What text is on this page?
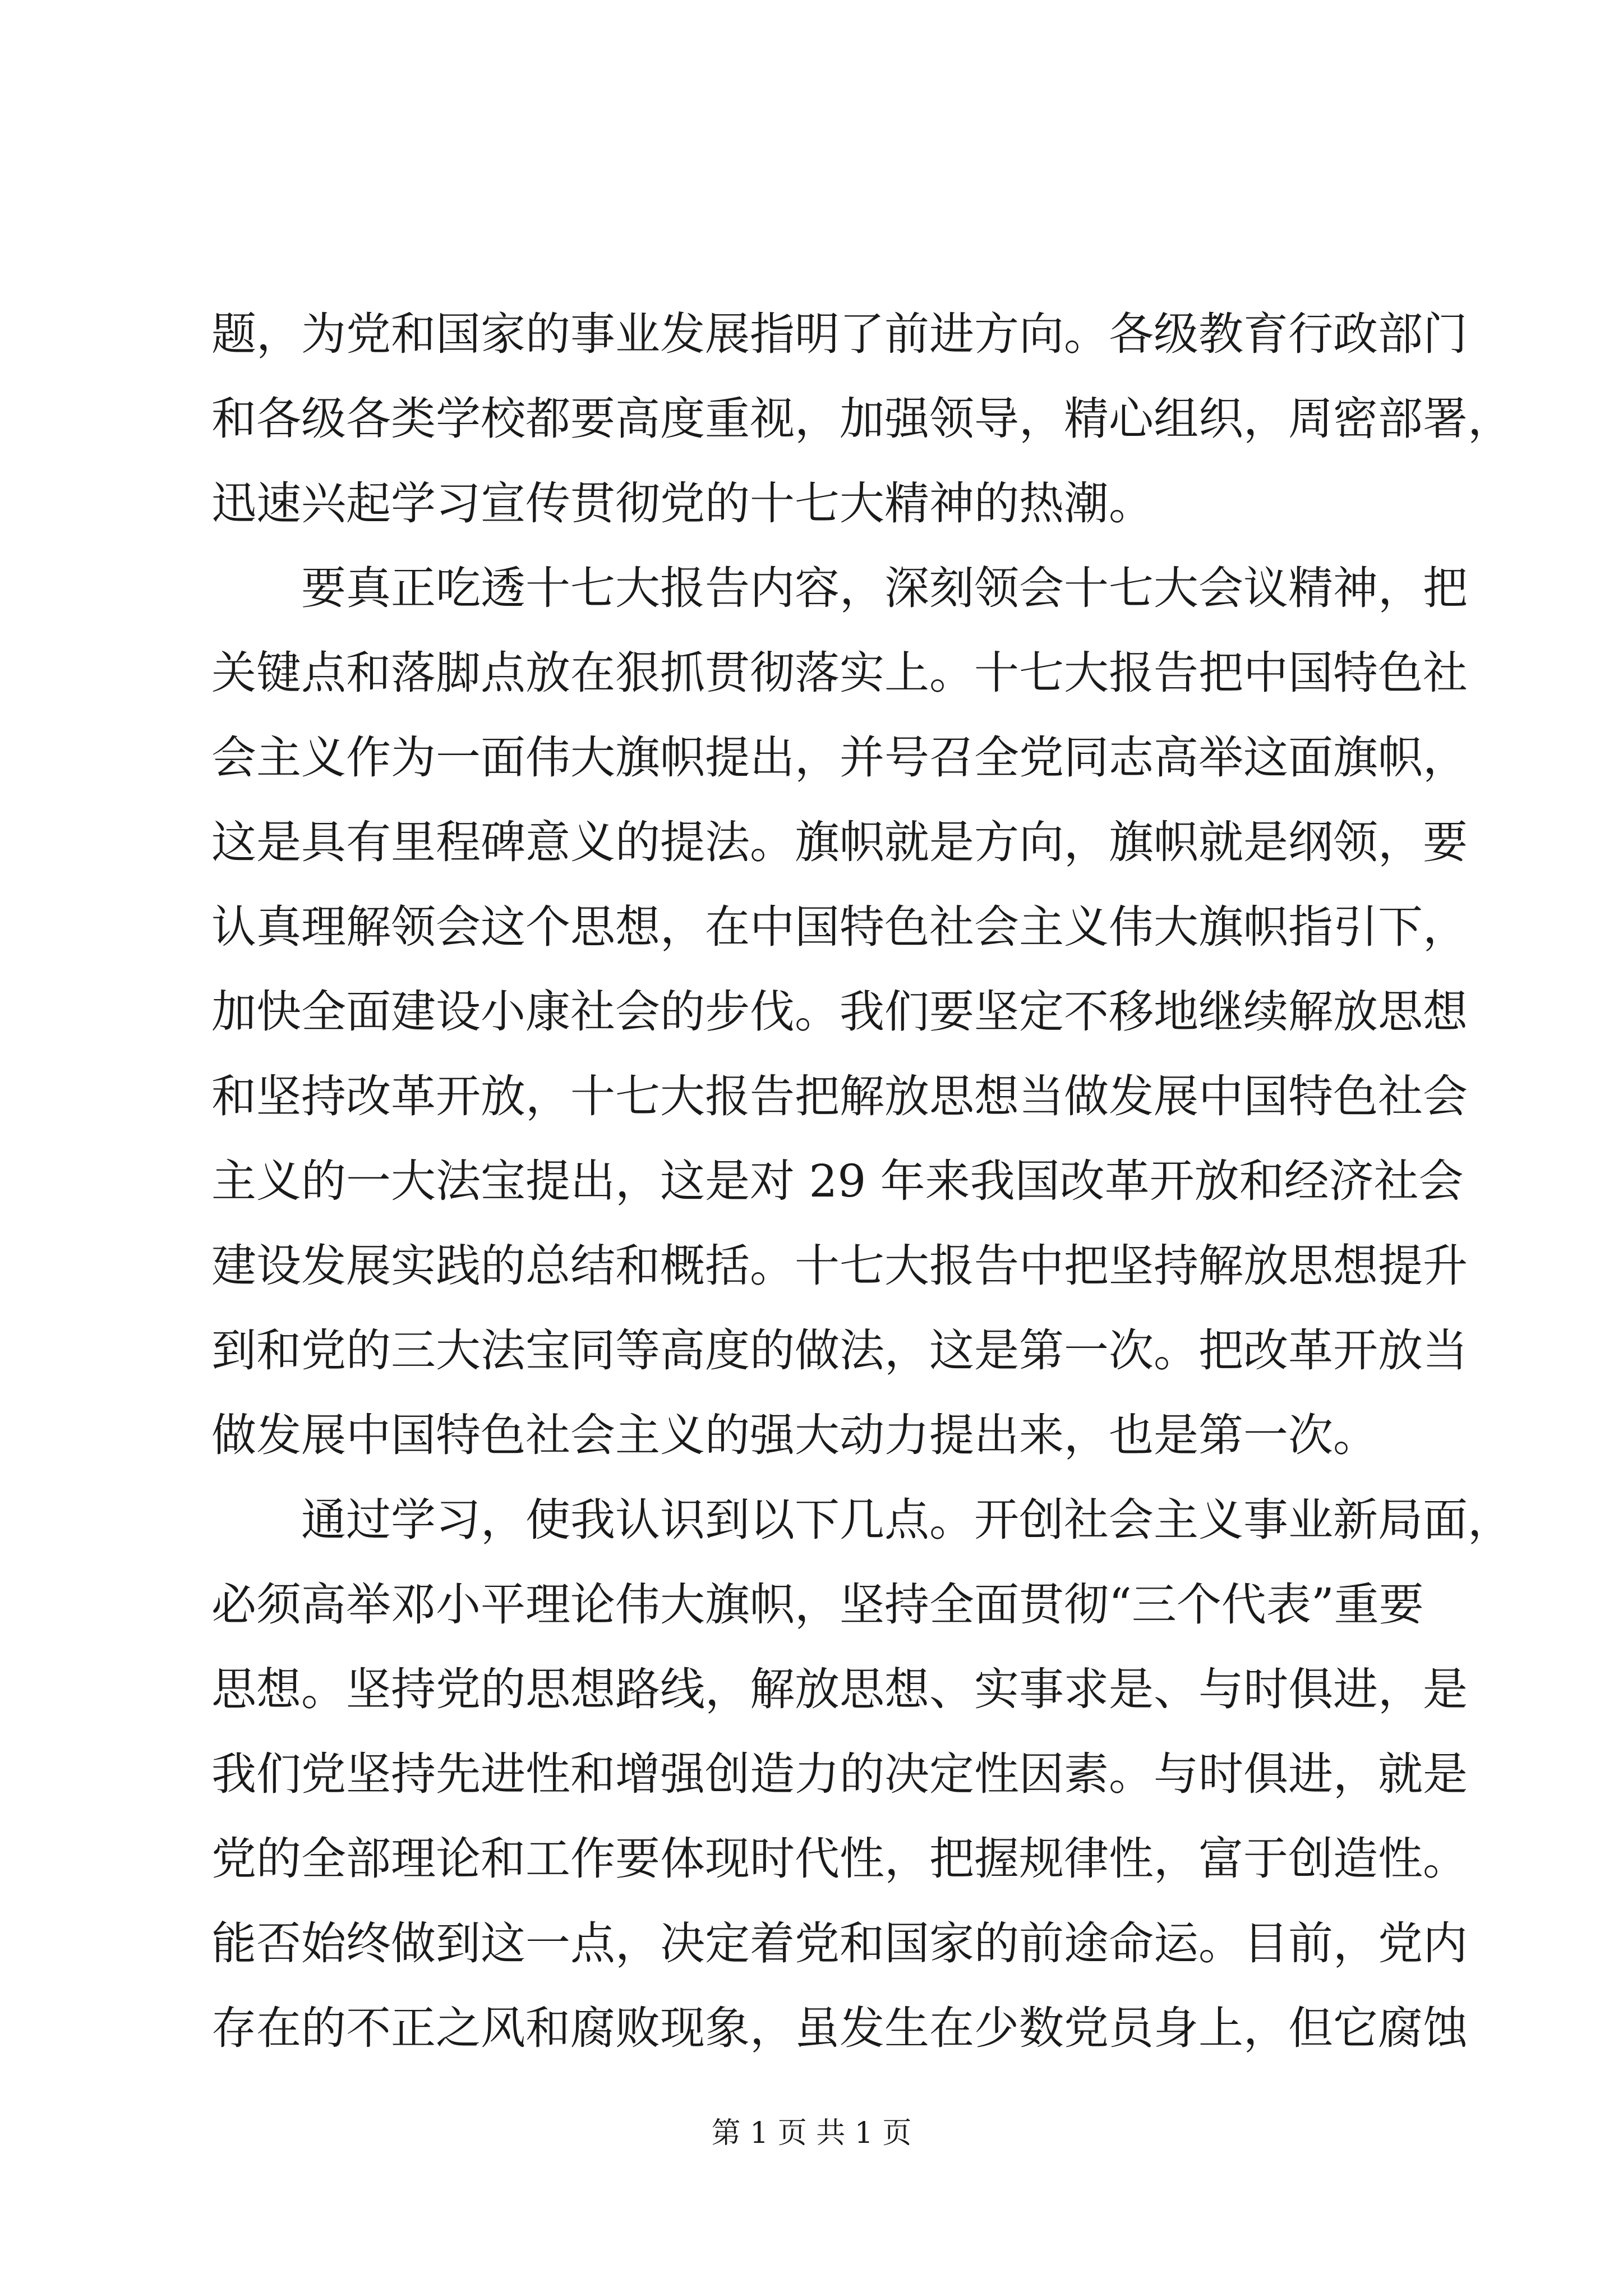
题，为党和国家的事业发展指明了前进方向。各级教育行政部门
和各级各类学校都要高度重视，加强领导，精心组织，周密部署，
迅速兴起学习宣传贯彻党的十七大精神的热潮。
要真正吃透十七大报告内容，深刻领会十七大会议精神，把
关键点和落脚点放在狠抓贯彻落实上。十七大报告把中国特色社
会主义作为一面伟大旗帜提出，并号召全党同志高举这面旗帜，
这是具有里程碑意义的提法。旗帜就是方向，旗帜就是纲领，要
认真理解领会这个思想，在中国特色社会主义伟大旗帜指引下，
加快全面建设小康社会的步伐。我们要坚定不移地继续解放思想
和坚持改革开放，十七大报告把解放思想当做发展中国特色社会
主义的一大法宝提出，这是对 29 年来我国改革开放和经济社会
建设发展实践的总结和概括。十七大报告中把坚持解放思想提升
到和党的三大法宝同等高度的做法，这是第一次。把改革开放当
做发展中国特色社会主义的强大动力提出来，也是第一次。
通过学习，使我认识到以下几点。开创社会主义事业新局面，
必须高举邓小平理论伟大旗帜，坚持全面贯彻“三个代表”重要
思想。坚持党的思想路线，解放思想、实事求是、与时俱进，是
我们党坚持先进性和增强创造力的决定性因素。与时俱进，就是
党的全部理论和工作要体现时代性，把握规律性，富于创造性。
能否始终做到这一点，决定着党和国家的前途命运。目前，党内
存在的不正之风和腐败现象，虽发生在少数党员身上，但它腐蚀
第 1 页 共 1 页
